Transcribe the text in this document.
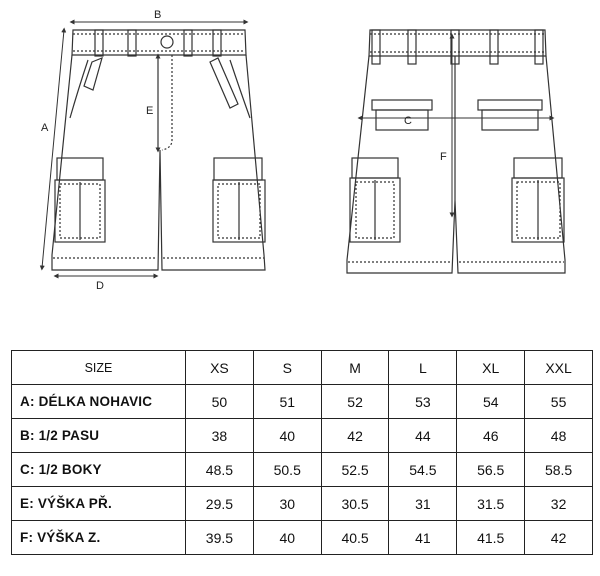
B
A
D
E
C
F
SIZE	XS	S	M	L	XL	XXL
A: DÉLKA NOHAVIC	50	51	52	53	54	55
B: 1/2 PASU	38	40	42	44	46	48
C: 1/2 BOKY	48.5	50.5	52.5	54.5	56.5	58.5
E: VÝŠKA PŘ.	29.5	30	30.5	31	31.5	32
F: VÝŠKA Z.	39.5	40	40.5	41	41.5	42
